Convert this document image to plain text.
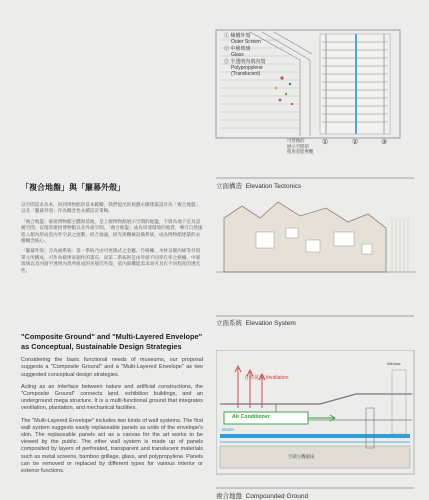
① 檢構外殼
Outer Screen
② 中層玻璃
Glass
③ 半透明內填內殼
Polypropylene (Translucent)
可替換的
展示空間的
使用者能參觀
①	②	③
立面構造 Elevation Tectonics
立面系統 Elevation System
自然氣流 Ventilation
Air Conditioner
Water
空調主機風扇
Window
複合地盤 Compounded Ground
「複合地盤」與「簾幕外殼」
以空間需求為本，回到博物館的基本範疇，我們提出的規劃永續建築設計為「複合地盤」以及「簾幕外殼」作為概念性永續設計策略。
「複合地盤」銜接博物館主體與基地，是上層博物館展示空間的地盤，下層為地下室及設備空間，以地景連接博物館以及外部空間。「複合地盤」成為串連環境的地景，導引自然風進入館內形成室內外空氣之流動，結合通風、採光與機械設備系統，成為博物館建築的永續概念核心。
「簾幕外殼」分為兩系統：第一系統乃由可更換式之金屬、竹格柵、木材及聚丙烯等外殼單元所構成，可作為藝術家創作的畫布，而第二系統則是由外層不同穿孔率之格柵、中層玻璃以及內層半透明內殼所組成的多層次外殼，依內部機能需求而可具有不同程度的透光性。
"Composite Ground" and "Multi-Layered Envelope" as Conceptual, Sustainable Design Strategies
Considering the basic functional needs of museums, our proposal suggests a "Composite Ground" and a "Multi-Layered Envelope" as two suggested conceptual design strategies.
Acting as an interface between nature and artificial constructions, the "Composite Ground" connects land, exhibition buildings, and an underground mega structure. It is a multi-functional ground that integrates ventilation, plantation, and mechanical facilities.
The "Multi-Layered Envelope" includes two kinds of wall systems. The first wall system suggests easily replaceable panels as units of the envelope's skin. The replaceable panels act as a canvas for the art works to be viewed by the public. The other wall system is made up of panels composited by layers of perforated, transparent and translucent materials such as metal screens, bamboo grillage, glass, and polypropylene. Panels can be removed or replaced by different types for various interior or exterior functions.
